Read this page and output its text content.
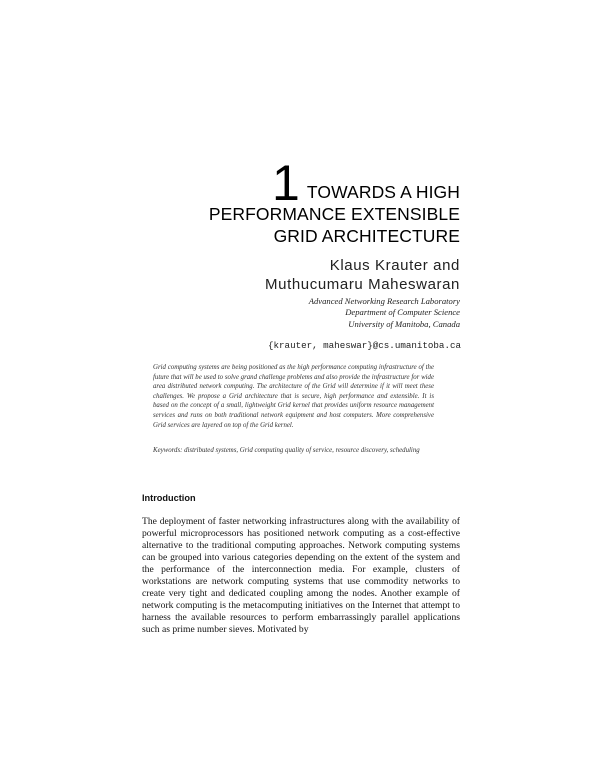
1 TOWARDS A HIGH
PERFORMANCE EXTENSIBLE
GRID ARCHITECTURE
Klaus Krauter and
Muthucumaru Maheswaran
Advanced Networking Research Laboratory
Department of Computer Science
University of Manitoba, Canada
{krauter, maheswar}@cs.umanitoba.ca
Grid computing systems are being positioned as the high performance computing infrastructure of the future that will be used to solve grand challenge problems and also provide the infrastructure for wide area distributed network computing. The architecture of the Grid will determine if it will meet these challenges. We propose a Grid architecture that is secure, high performance and extensible. It is based on the concept of a small, lightweight Grid kernel that provides uniform resource management services and runs on both traditional network equipment and host computers. More comprehensive Grid services are layered on top of the Grid kernel.
Keywords: distributed systems, Grid computing quality of service, resource discovery, scheduling
Introduction
The deployment of faster networking infrastructures along with the availability of powerful microprocessors has positioned network computing as a cost-effective alternative to the traditional computing approaches. Network computing systems can be grouped into various categories depending on the extent of the system and the performance of the interconnection media. For example, clusters of workstations are network computing systems that use commodity networks to create very tight and dedicated coupling among the nodes. Another example of network computing is the metacomputing initiatives on the Internet that attempt to harness the available resources to perform embarrassingly parallel applications such as prime number sieves. Motivated by
